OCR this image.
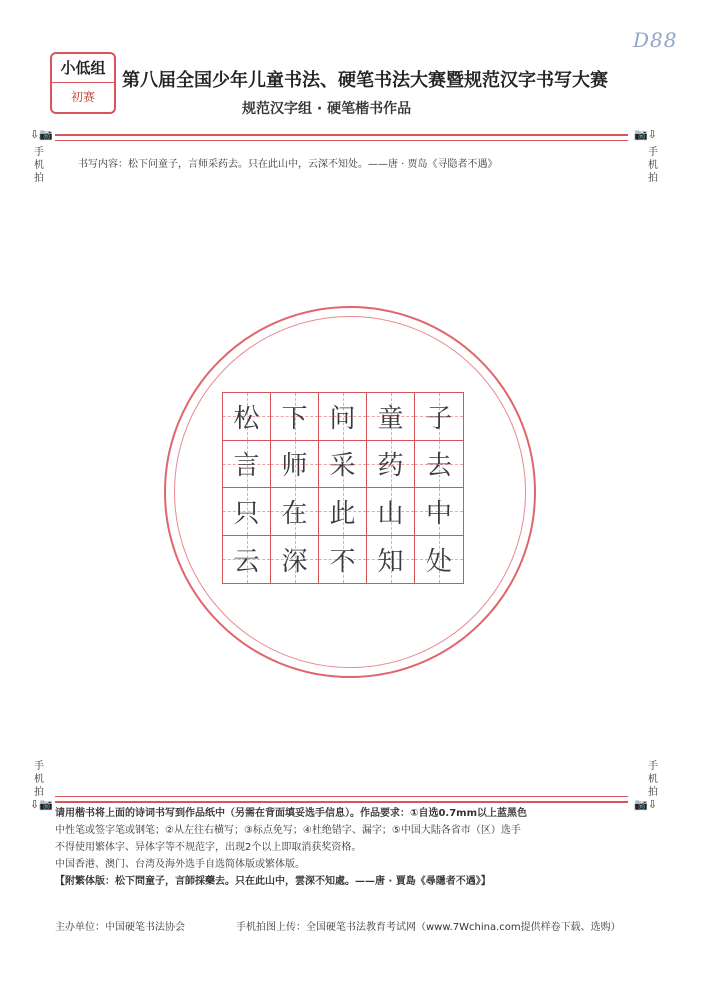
小低组
初赛
D88
第八届全国少年儿童书法、硬笔书法大赛暨规范汉字书写大赛
规范汉字组 · 硬笔楷书作品
⇩📷
手机拍
📷⇩
手机拍
书写内容：松下问童子，言师采药去。只在此山中，云深不知处。——唐 · 贾岛《寻隐者不遇》
松 下 问 童 子
言 师 采 药 去
只 在 此 山 中
云 深 不 知 处
手机拍
⇩📷
手机拍
📷⇩
请用楷书将上面的诗词书写到作品纸中（另需在背面填妥选手信息）。作品要求：①自选0.7mm以上蓝黑色
中性笔或签字笔或钢笔；②从左往右横写；③标点免写；④杜绝错字、漏字；⑤中国大陆各省市（区）选手
不得使用繁体字、异体字等不规范字，出现2个以上即取消获奖资格。
中国香港、澳门、台湾及海外选手自选简体版或繁体版。
【附繁体版：松下問童子，言師採藥去。只在此山中，雲深不知處。——唐 · 賈島《尋隱者不遇》】
主办单位：中国硬笔书法协会	手机拍图上传：全国硬笔书法教育考试网（www.7Wchina.com提供样卷下载、选购）
